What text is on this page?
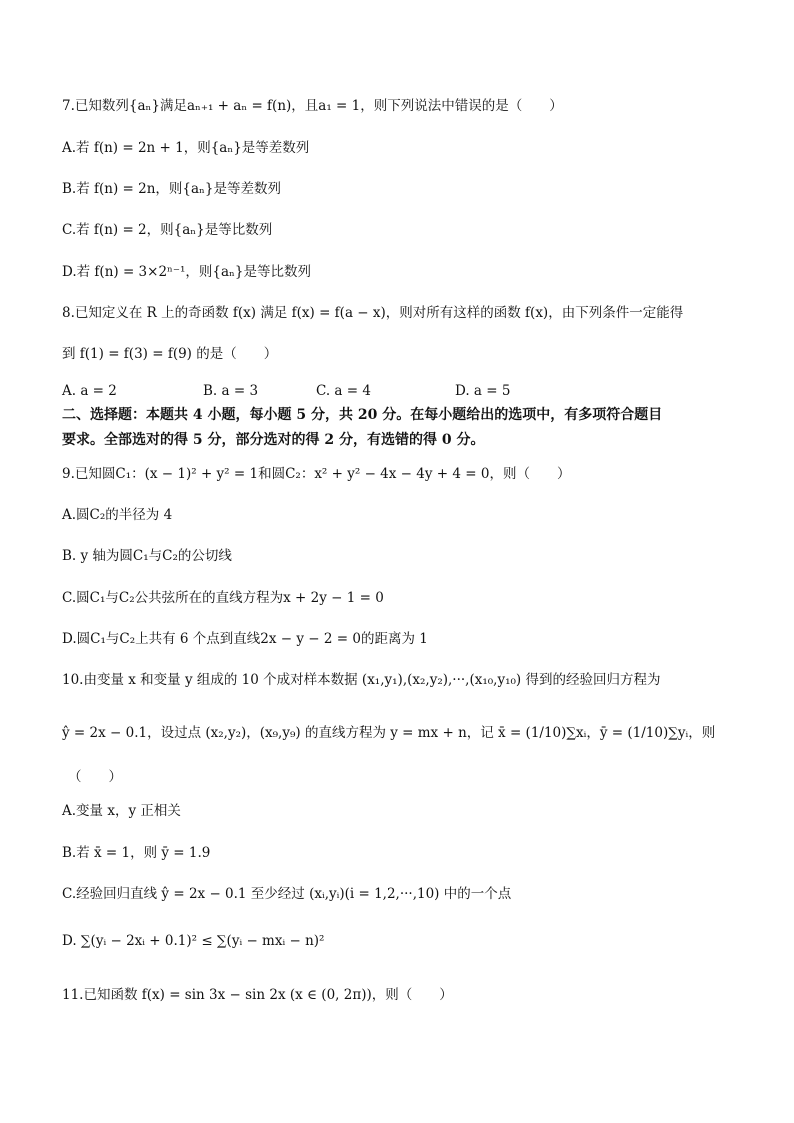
7.已知数列{aₙ}满足aₙ₊₁ + aₙ = f(n)，且a₁ = 1，则下列说法中错误的是（　　）
A.若 f(n) = 2n + 1，则{aₙ}是等差数列
B.若 f(n) = 2n，则{aₙ}是等差数列
C.若 f(n) = 2，则{aₙ}是等比数列
D.若 f(n) = 3×2ⁿ⁻¹，则{aₙ}是等比数列
8.已知定义在 R 上的奇函数 f(x) 满足 f(x) = f(a − x)，则对所有这样的函数 f(x)，由下列条件一定能得
到 f(1) = f(3) = f(9) 的是（　　）
A. a = 2	B. a = 3	C. a = 4	D. a = 5
二、选择题：本题共 4 小题，每小题 5 分，共 20 分。在每小题给出的选项中，有多项符合题目
要求。全部选对的得 5 分，部分选对的得 2 分，有选错的得 0 分。
9.已知圆C₁：(x − 1)² + y² = 1和圆C₂：x² + y² − 4x − 4y + 4 = 0，则（　　）
A.圆C₂的半径为 4
B. y 轴为圆C₁与C₂的公切线
C.圆C₁与C₂公共弦所在的直线方程为x + 2y − 1 = 0
D.圆C₁与C₂上共有 6 个点到直线2x − y − 2 = 0的距离为 1
10.由变量 x 和变量 y 组成的 10 个成对样本数据 (x₁,y₁),(x₂,y₂),···,(x₁₀,y₁₀) 得到的经验回归方程为
ŷ = 2x − 0.1，设过点 (x₂,y₂)，(x₉,y₉) 的直线方程为 y = mx + n，记 x̄ = (1/10)∑xᵢ，ȳ = (1/10)∑yᵢ，则
（　　）
A.变量 x，y 正相关
B.若 x̄ = 1，则 ȳ = 1.9
C.经验回归直线 ŷ = 2x − 0.1 至少经过 (xᵢ,yᵢ)(i = 1,2,···,10) 中的一个点
D. ∑(yᵢ − 2xᵢ + 0.1)² ≤ ∑(yᵢ − mxᵢ − n)²
11.已知函数 f(x) = sin 3x − sin 2x (x ∈ (0, 2π))，则（　　）
